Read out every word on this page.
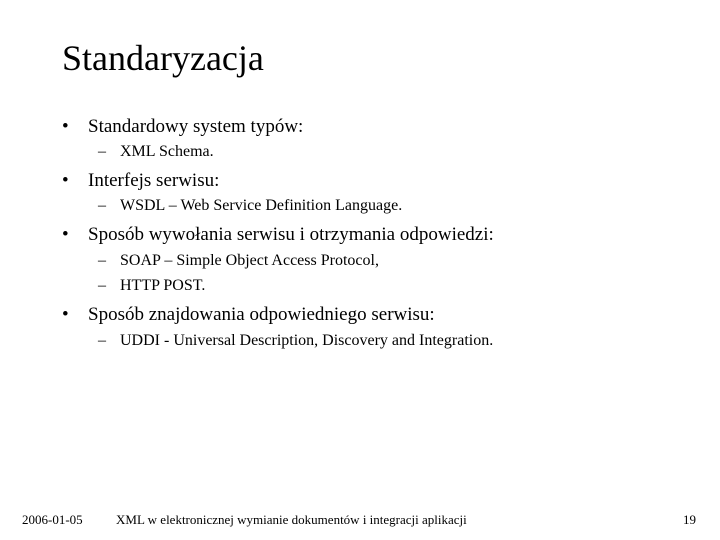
Standaryzacja
• Standardowy system typów:
– XML Schema.
• Interfejs serwisu:
– WSDL – Web Service Definition Language.
• Sposób wywołania serwisu i otrzymania odpowiedzi:
– SOAP – Simple Object Access Protocol,
– HTTP POST.
• Sposób znajdowania odpowiedniego serwisu:
– UDDI - Universal Description, Discovery and Integration.
2006-01-05	XML w elektronicznej wymianie dokumentów i integracji aplikacji	19
